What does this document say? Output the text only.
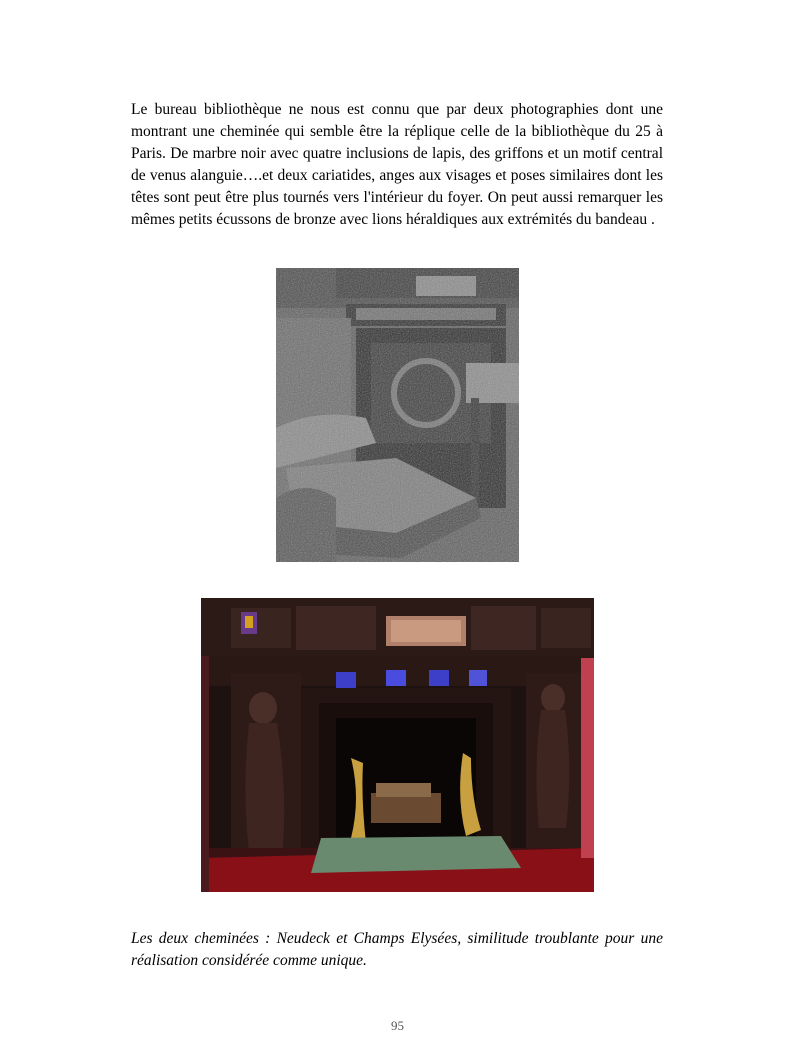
Le bureau bibliothèque ne nous est connu que par deux photographies dont une montrant une cheminée qui semble être la réplique celle de la bibliothèque du 25 à Paris. De marbre noir avec quatre inclusions de lapis, des griffons et un motif central de venus alanguie….et deux cariatides, anges aux visages et poses similaires dont les têtes sont peut être plus tournés vers l'intérieur du foyer. On peut aussi remarquer les mêmes petits écussons de bronze avec lions héraldiques aux extrémités du bandeau .

Les deux cheminées : Neudeck et Champs Elysées, similitude troublante pour une réalisation considérée comme unique.

95
